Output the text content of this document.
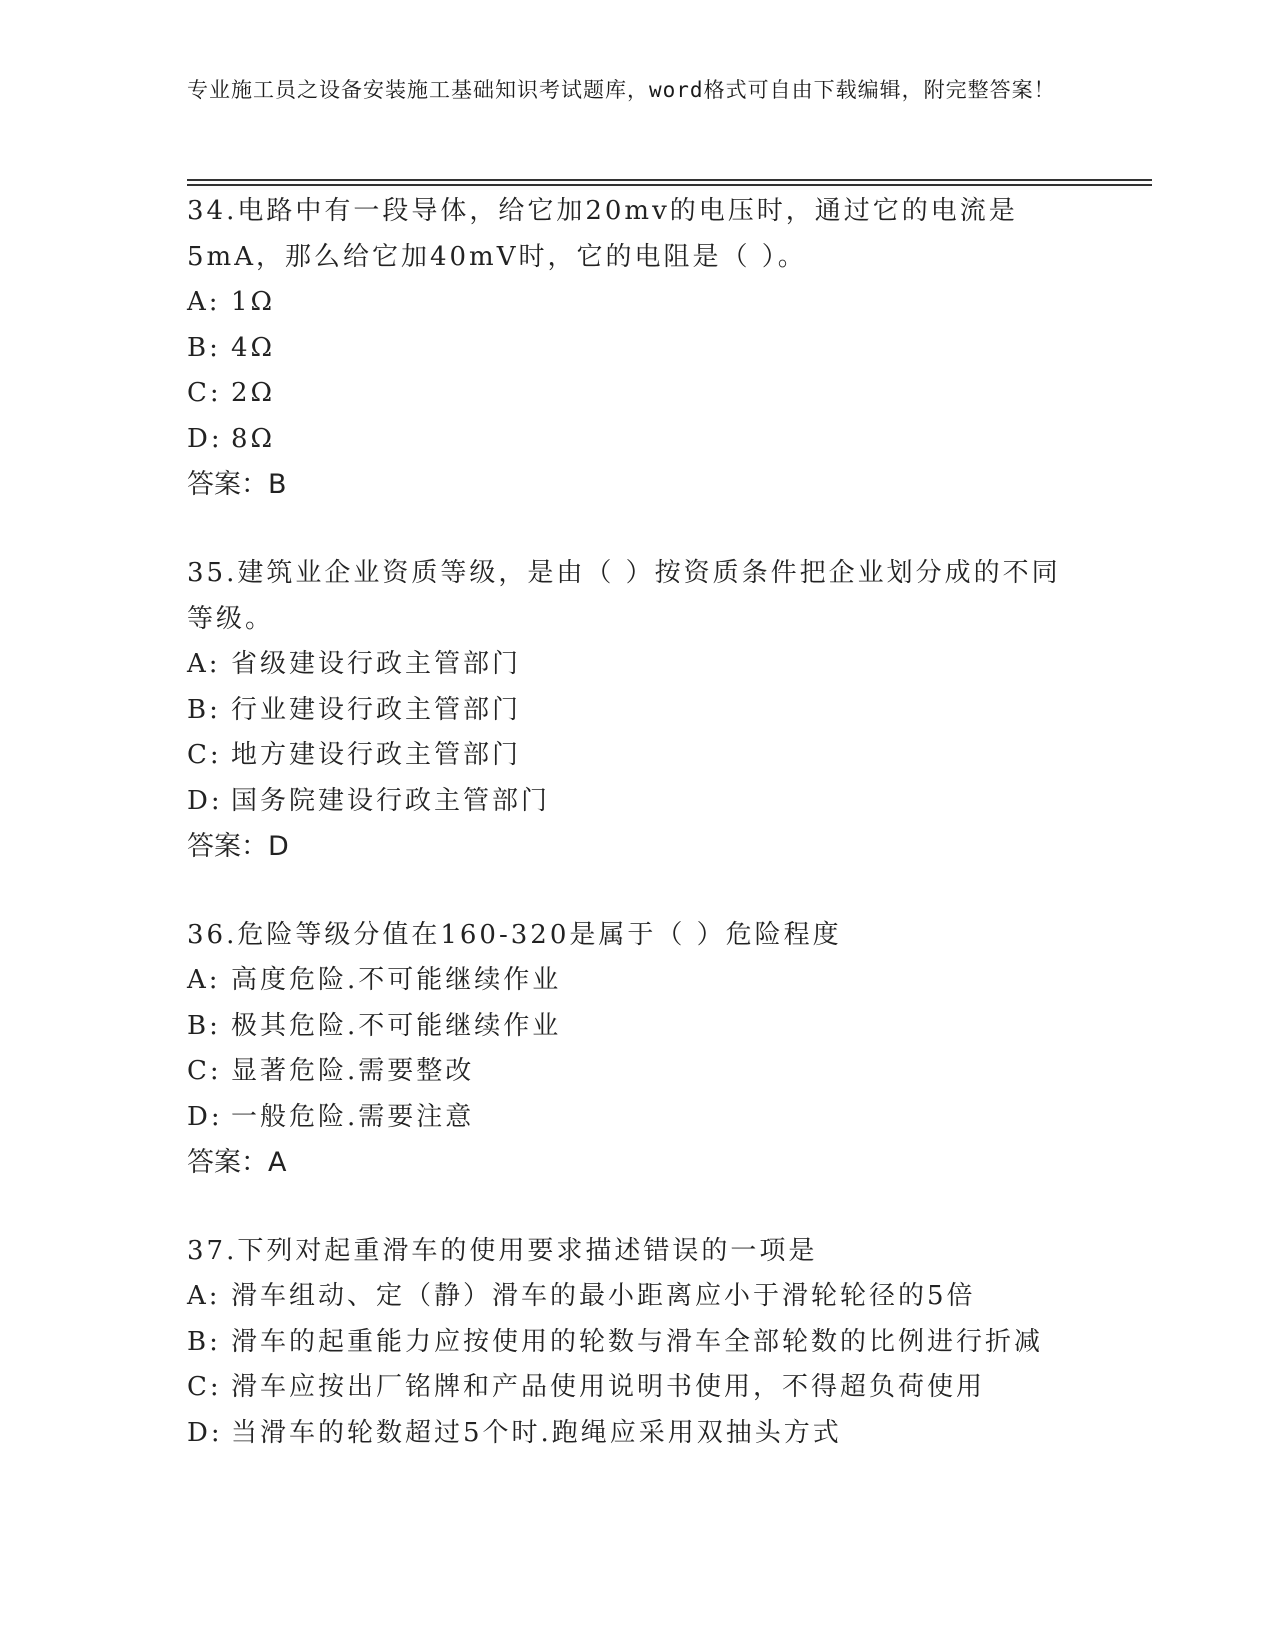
专业施工员之设备安装施工基础知识考试题库，word格式可自由下载编辑，附完整答案！

34.电路中有一段导体，给它加20mv的电压时，通过它的电流是5mA，那么给它加40mV时，它的电阻是（ ）。

A: 1Ω

B: 4Ω

C: 2Ω

D: 8Ω

答案：B

35.建筑业企业资质等级，是由（ ）按资质条件把企业划分成的不同等级。

A: 省级建设行政主管部门

B: 行业建设行政主管部门

C: 地方建设行政主管部门

D: 国务院建设行政主管部门

答案：D

36.危险等级分值在160-320是属于（ ）危险程度

A: 高度危险.不可能继续作业

B: 极其危险.不可能继续作业

C: 显著危险.需要整改

D: 一般危险.需要注意

答案：A

37.下列对起重滑车的使用要求描述错误的一项是

A: 滑车组动、定（静）滑车的最小距离应小于滑轮轮径的5倍

B: 滑车的起重能力应按使用的轮数与滑车全部轮数的比例进行折减

C: 滑车应按出厂铭牌和产品使用说明书使用，不得超负荷使用

D: 当滑车的轮数超过5个时.跑绳应采用双抽头方式
